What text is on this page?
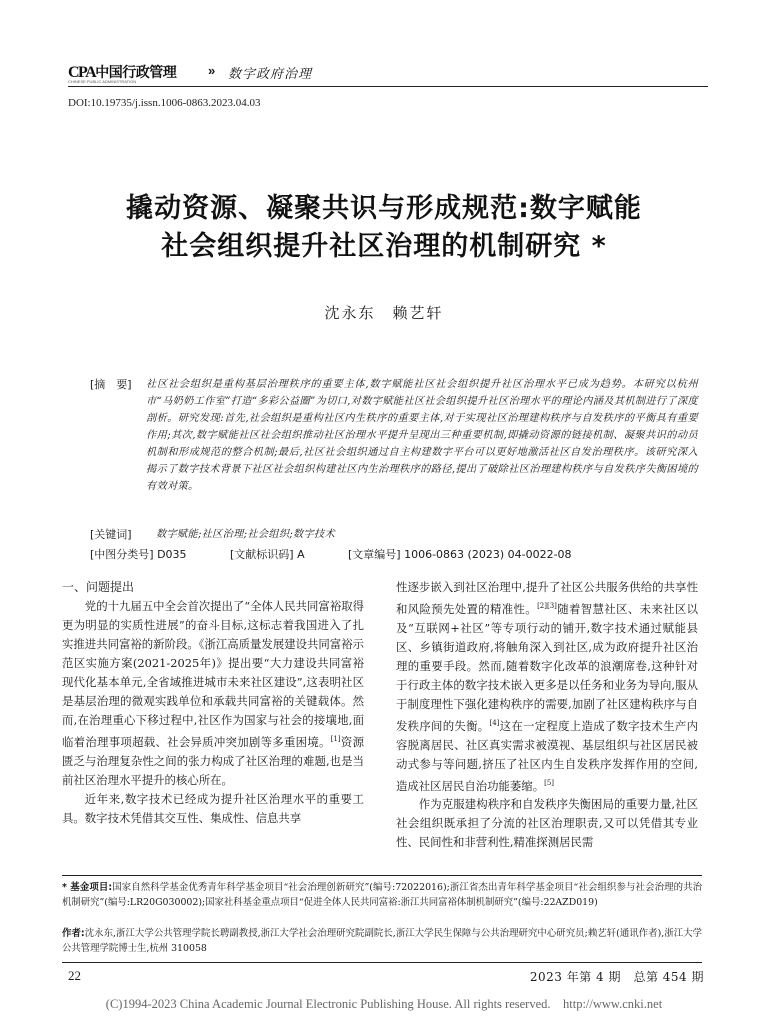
CPA中国行政管理
CHINESE PUBLIC ADMINISTRATION
» 数字政府治理
DOI:10.19735/j.issn.1006-0863.2023.04.03
撬动资源、凝聚共识与形成规范:数字赋能
社会组织提升社区治理的机制研究 *
沈永东　赖艺轩
[摘　要] 社区社会组织是重构基层治理秩序的重要主体,数字赋能社区社会组织提升社区治理水平已成为趋势。本研究以杭州市“马奶奶工作室”打造“多彩公益圈”为切口,对数字赋能社区社会组织提升社区治理水平的理论内涵及其机制进行了深度剖析。研究发现:首先,社会组织是重构社区内生秩序的重要主体,对于实现社区治理建构秩序与自发秩序的平衡具有重要作用;其次,数字赋能社区社会组织推动社区治理水平提升呈现出三种重要机制,即撬动资源的链接机制、凝聚共识的动员机制和形成规范的整合机制;最后,社区社会组织通过自主构建数字平台可以更好地激活社区自发治理秩序。该研究深入揭示了数字技术背景下社区社会组织构建社区内生治理秩序的路径,提出了破除社区治理建构秩序与自发秩序失衡困境的有效对策。
[关键词] 数字赋能;社区治理;社会组织;数字技术
[中图分类号] D035	[文献标识码] A	[文章编号] 1006-0863 (2023) 04-0022-08
一、问题提出

党的十九届五中全会首次提出了“全体人民共同富裕取得更为明显的实质性进展”的奋斗目标,这标志着我国进入了扎实推进共同富裕的新阶段。《浙江高质量发展建设共同富裕示范区实施方案(2021-2025年)》提出要“大力建设共同富裕现代化基本单元,全省域推进城市未来社区建设”,这表明社区是基层治理的微观实践单位和承载共同富裕的关键载体。然而,在治理重心下移过程中,社区作为国家与社会的接壤地,面临着治理事项超载、社会异质冲突加剧等多重困境。[1]资源匮乏与治理复杂性之间的张力构成了社区治理的难题,也是当前社区治理水平提升的核心所在。

近年来,数字技术已经成为提升社区治理水平的重要工具。数字技术凭借其交互性、集成性、信息共享

性逐步嵌入到社区治理中,提升了社区公共服务供给的共享性和风险预先处置的精准性。[2][3]随着智慧社区、未来社区以及“互联网+社区”等专项行动的铺开,数字技术通过赋能县区、乡镇街道政府,将触角深入到社区,成为政府提升社区治理的重要手段。然而,随着数字化改革的浪潮席卷,这种针对于行政主体的数字技术嵌入更多是以任务和业务为导向,服从于制度理性下强化建构秩序的需要,加剧了社区建构秩序与自发秩序间的失衡。[4]这在一定程度上造成了数字技术生产内容脱离居民、社区真实需求被漠视、基层组织与社区居民被动式参与等问题,挤压了社区内生自发秩序发挥作用的空间,造成社区居民自治功能萎缩。[5]

作为克服建构秩序和自发秩序失衡困局的重要力量,社区社会组织既承担了分流的社区治理职责,又可以凭借其专业性、民间性和非营利性,精准探测居民需

* 基金项目:国家自然科学基金优秀青年科学基金项目“社会治理创新研究”(编号:72022016);浙江省杰出青年科学基金项目“社会组织参与社会治理的共治机制研究”(编号:LR20G030002);国家社科基金重点项目“促进全体人民共同富裕:浙江共同富裕体制机制研究”(编号:22AZD019)
作者:沈永东,浙江大学公共管理学院长聘副教授,浙江大学社会治理研究院副院长,浙江大学民生保障与公共治理研究中心研究员;赖艺轩(通讯作者),浙江大学公共管理学院博士生,杭州 310058
22	2023 年第 4 期　总第 454 期
(C)1994-2023 China Academic Journal Electronic Publishing House. All rights reserved.　http://www.cnki.net
